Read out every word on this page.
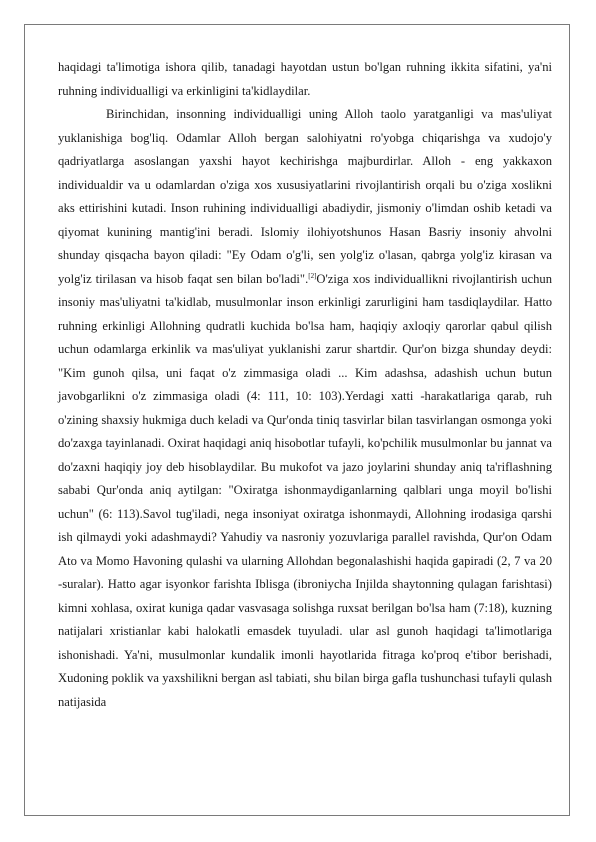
haqidagi ta'limotiga ishora qilib, tanadagi hayotdan ustun bo'lgan ruhning ikkita sifatini, ya'ni ruhning individualligi va erkinligini ta'kidlaydilar.

Birinchidan, insonning individualligi uning Alloh taolo yaratganligi va mas'uliyat yuklanishiga bog'liq. Odamlar Alloh bergan salohiyatni ro'yobga chiqarishga va xudojo'y qadriyatlarga asoslangan yaxshi hayot kechirishga majburdirlar. Alloh - eng yakkaxon individualdir va u odamlardan o'ziga xos xususiyatlarini rivojlantirish orqali bu o'ziga xoslikni aks ettirishini kutadi. Inson ruhining individualligi abadiydir, jismoniy o'limdan oshib ketadi va qiyomat kunining mantig'ini beradi. Islomiy ilohiyotshunos Hasan Basriy insoniy ahvolni shunday qisqacha bayon qiladi: "Ey Odam o'g'li, sen yolg'iz o'lasan, qabrga yolg'iz kirasan va yolg'iz tirilasan va hisob faqat sen bilan bo'ladi".[2]O'ziga xos individuallikni rivojlantirish uchun insoniy mas'uliyatni ta'kidlab, musulmonlar inson erkinligi zarurligini ham tasdiqlaydilar. Hatto ruhning erkinligi Allohning qudratli kuchida bo'lsa ham, haqiqiy axloqiy qarorlar qabul qilish uchun odamlarga erkinlik va mas'uliyat yuklanishi zarur shartdir. Qur'on bizga shunday deydi: "Kim gunoh qilsa, uni faqat o'z zimmasiga oladi ... Kim adashsa, adashish uchun butun javobgarlikni o'z zimmasiga oladi (4: 111, 10: 103).Yerdagi xatti -harakatlariga qarab, ruh o'zining shaxsiy hukmiga duch keladi va Qur'onda tiniq tasvirlar bilan tasvirlangan osmonga yoki do'zaxga tayinlanadi. Oxirat haqidagi aniq hisobotlar tufayli, ko'pchilik musulmonlar bu jannat va do'zaxni haqiqiy joy deb hisoblaydilar. Bu mukofot va jazo joylarini shunday aniq ta'riflashning sababi Qur'onda aniq aytilgan: "Oxiratga ishonmaydiganlarning qalblari unga moyil bo'lishi uchun" (6: 113).Savol tug'iladi, nega insoniyat oxiratga ishonmaydi, Allohning irodasiga qarshi ish qilmaydi yoki adashmaydi? Yahudiy va nasroniy yozuvlariga parallel ravishda, Qur'on Odam Ato va Momo Havoning qulashi va ularning Allohdan begonalashishi haqida gapiradi (2, 7 va 20 -suralar). Hatto agar isyonkor farishta Iblisga (ibroniycha Injilda shaytonning qulagan farishtasi) kimni xohlasa, oxirat kuniga qadar vasvasaga solishga ruxsat berilgan bo'lsa ham (7:18), kuzning natijalari xristianlar kabi halokatli emasdek tuyuladi. ular asl gunoh haqidagi ta'limotlariga ishonishadi. Ya'ni, musulmonlar kundalik imonli hayotlarida fitraga ko'proq e'tibor berishadi, Xudoning poklik va yaxshilikni bergan asl tabiati, shu bilan birga gafla tushunchasi tufayli qulash natijasida
